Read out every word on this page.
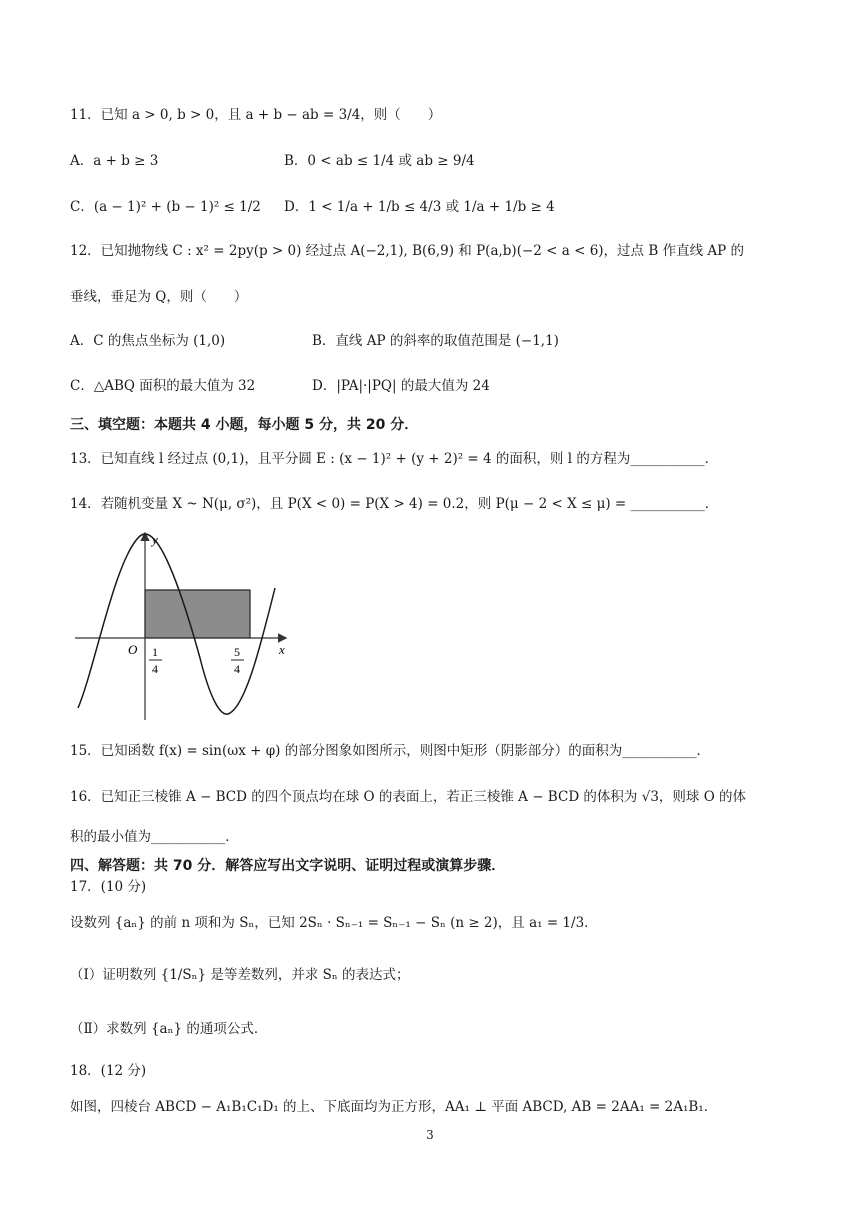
11．已知 a > 0, b > 0，且 a + b − ab = 3/4，则（　　）
A．a + b ≥ 3	B．0 < ab ≤ 1/4 或 ab ≥ 9/4
C．(a − 1)² + (b − 1)² ≤ 1/2 D．1 < 1/a + 1/b ≤ 4/3 或 1/a + 1/b ≥ 4
12．已知抛物线 C : x² = 2py(p > 0) 经过点 A(−2,1), B(6,9) 和 P(a,b)(−2 < a < 6)，过点 B 作直线 AP 的
垂线，垂足为 Q，则（　　）
A．C 的焦点坐标为 (1,0)	B．直线 AP 的斜率的取值范围是 (−1,1)
C．△ABQ 面积的最大值为 32	D．|PA|·|PQ| 的最大值为 24
三、填空题：本题共 4 小题，每小题 5 分，共 20 分．
13．已知直线 l 经过点 (0,1)，且平分圆 E : (x − 1)² + (y + 2)² = 4 的面积，则 l 的方程为___________．
14．若随机变量 X ~ N(μ, σ²)，且 P(X < 0) = P(X > 4) = 0.2，则 P(μ − 2 < X ≤ μ) = ___________．
y
x
O 1
4
5
4
15．已知函数 f(x) = sin(ωx + φ) 的部分图象如图所示，则图中矩形（阴影部分）的面积为___________．
16．已知正三棱锥 A − BCD 的四个顶点均在球 O 的表面上，若正三棱锥 A − BCD 的体积为 √3，则球 O 的体
积的最小值为___________．
四、解答题：共 70 分．解答应写出文字说明、证明过程或演算步骤．
17．(10 分)
设数列 {aₙ} 的前 n 项和为 Sₙ，已知 2Sₙ · Sₙ₋₁ = Sₙ₋₁ − Sₙ (n ≥ 2)，且 a₁ = 1/3．
（Ⅰ）证明数列 {1/Sₙ} 是等差数列，并求 Sₙ 的表达式；
（Ⅱ）求数列 {aₙ} 的通项公式．
18．(12 分)
如图，四棱台 ABCD − A₁B₁C₁D₁ 的上、下底面均为正方形，AA₁ ⊥ 平面 ABCD, AB = 2AA₁ = 2A₁B₁．
3
